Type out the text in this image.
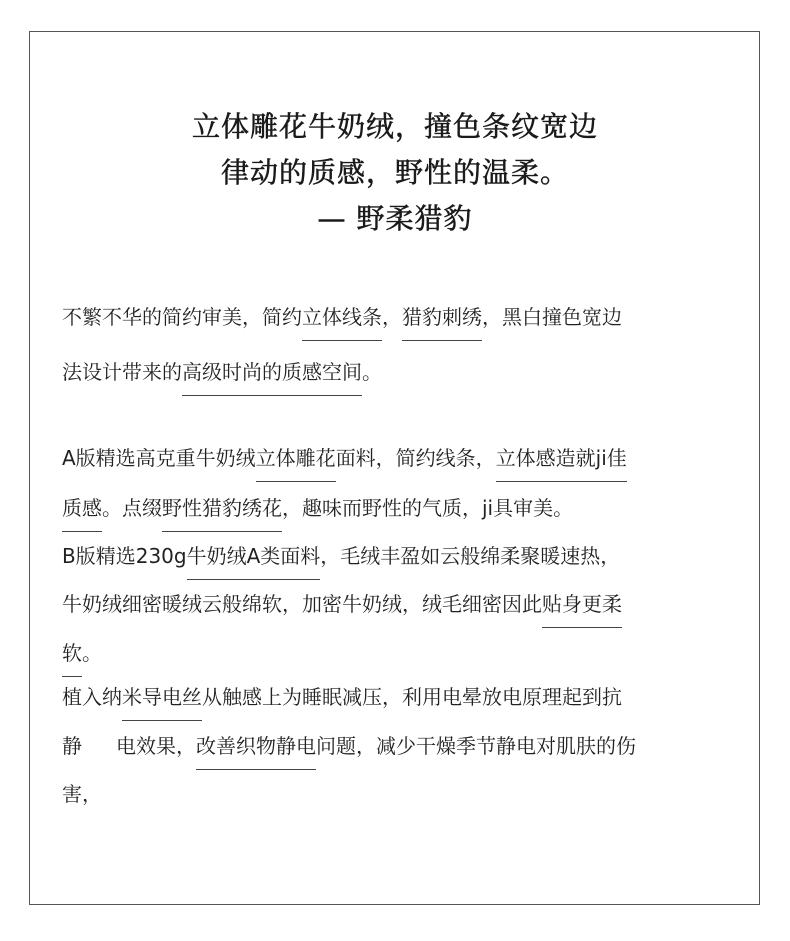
立体雕花牛奶绒，撞色条纹宽边
律动的质感，野性的温柔。
— 野柔猎豹
不繁不华的简约审美，简约立体线条，猎豹刺绣，黑白撞色宽边
法设计带来的高级时尚的质感空间。
A版精选高克重牛奶绒立体雕花面料，简约线条，立体感造就ji佳
质感。点缀野性猎豹绣花，趣味而野性的气质，ji具审美。
B版精选230g牛奶绒A类面料，毛绒丰盈如云般绵柔聚暖速热，
牛奶绒细密暖绒云般绵软，加密牛奶绒，绒毛细密因此贴身更柔
软。
植入纳米导电丝从触感上为睡眠减压，利用电晕放电原理起到抗
静 电效果，改善织物静电问题，减少干燥季节静电对肌肤的伤
害，
